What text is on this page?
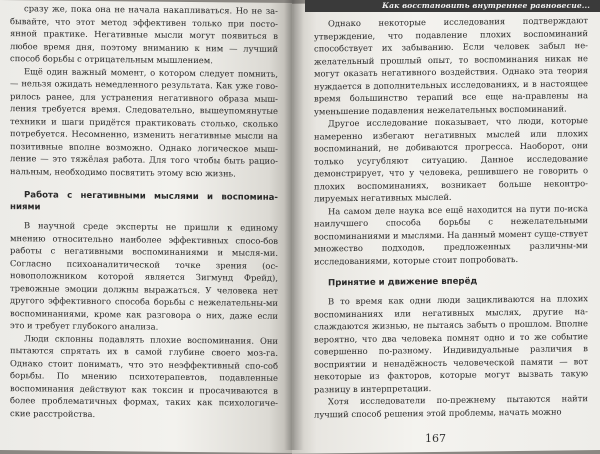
сразу же, пока она не начала накапливаться. Но не за-бывайте, что этот метод эффективен только при посто-янной практике. Негативные мысли могут появиться в любое время дня, поэтому вниманию к ним — лучший способ борьбы с отрицательным мышлением.

Ещё один важный момент, о котором следует помнить, — нельзя ожидать немедленного результата. Как уже гово-рилось ранее, для устранения негативного образа мыш-ления требуется время. Следовательно, вышеупомянутые техники и шаги придётся практиковать столько, сколько потребуется. Несомненно, изменить негативные мысли на позитивные вполне возможно. Однако логическое мыш-ление — это тяжёлая работа. Для того чтобы быть рацио-нальным, необходимо посвятить этому всю жизнь.

Работа с негативными мыслями и воспомина-ниями

В научной среде эксперты не пришли к единому мнению относительно наиболее эффективных спосо-бов работы с негативными воспоминаниями и мысля-ми. Согласно психоаналитической точке зрения (ос-новоположником которой является Зигмунд Фрейд), тревожные эмоции должны выражаться. У человека нет другого эффективного способа борьбы с нежелательны-ми воспоминаниями, кроме как разговора о них, даже если это и требует глубокого анализа.

Люди склонны подавлять плохие воспоминания. Они пытаются спрятать их в самой глубине своего моз-га. Однако стоит понимать, что это неэффективный спо-соб борьбы. По мнению психотерапевтов, подавленные воспоминания действуют как токсин и просачиваются в более проблематичных формах, таких как психологиче-ские расстройства.

Однако некоторые исследования подтверждают утверждение, что подавление плохих воспоминаний способствует их забыванию. Если человек забыл не-желательный прошлый опыт, то воспоминания никак не могут оказать негативного воздействия. Однако эта теория нуждается в дополнительных исследованиях, и в настоящее время большинство терапий все еще на-правлены на уменьшение подавления нежелательных воспоминаний.

Другое исследование показывает, что люди, которые намеренно избегают негативных мыслей или плохих воспоминаний, не добиваются прогресса. Наоборот, они только усугубляют ситуацию. Данное исследование демонстрирует, что у человека, решившего не говорить о плохих воспоминаниях, возникает больше неконтро-лируемых негативных мыслей.

На самом деле наука все ещё находится на пути по-иска наилучшего способа борьбы с нежелательными воспоминаниями и мыслями. На данный момент суще-ствует множество подходов, предложенных различны-ми исследованиями, которые стоит попробовать.

Принятие и движение вперёд

В то время как одни люди зацикливаются на плохих воспоминаниях или негативных мыслях, другие на-слаждаются жизнью, не пытаясь забыть о прошлом. Вполне вероятно, что два человека помнят одно и то же событие совершенно по-разному. Индивидуальные различия в восприятии и ненадёжность человеческой памяти — вот некоторые из факторов, которые могут вызвать такую разницу в интерпретации.

Хотя исследователи по-прежнему пытаются найти лучший способ решения этой проблемы, начать можно

Как восстановить внутреннее равновесие...
167
